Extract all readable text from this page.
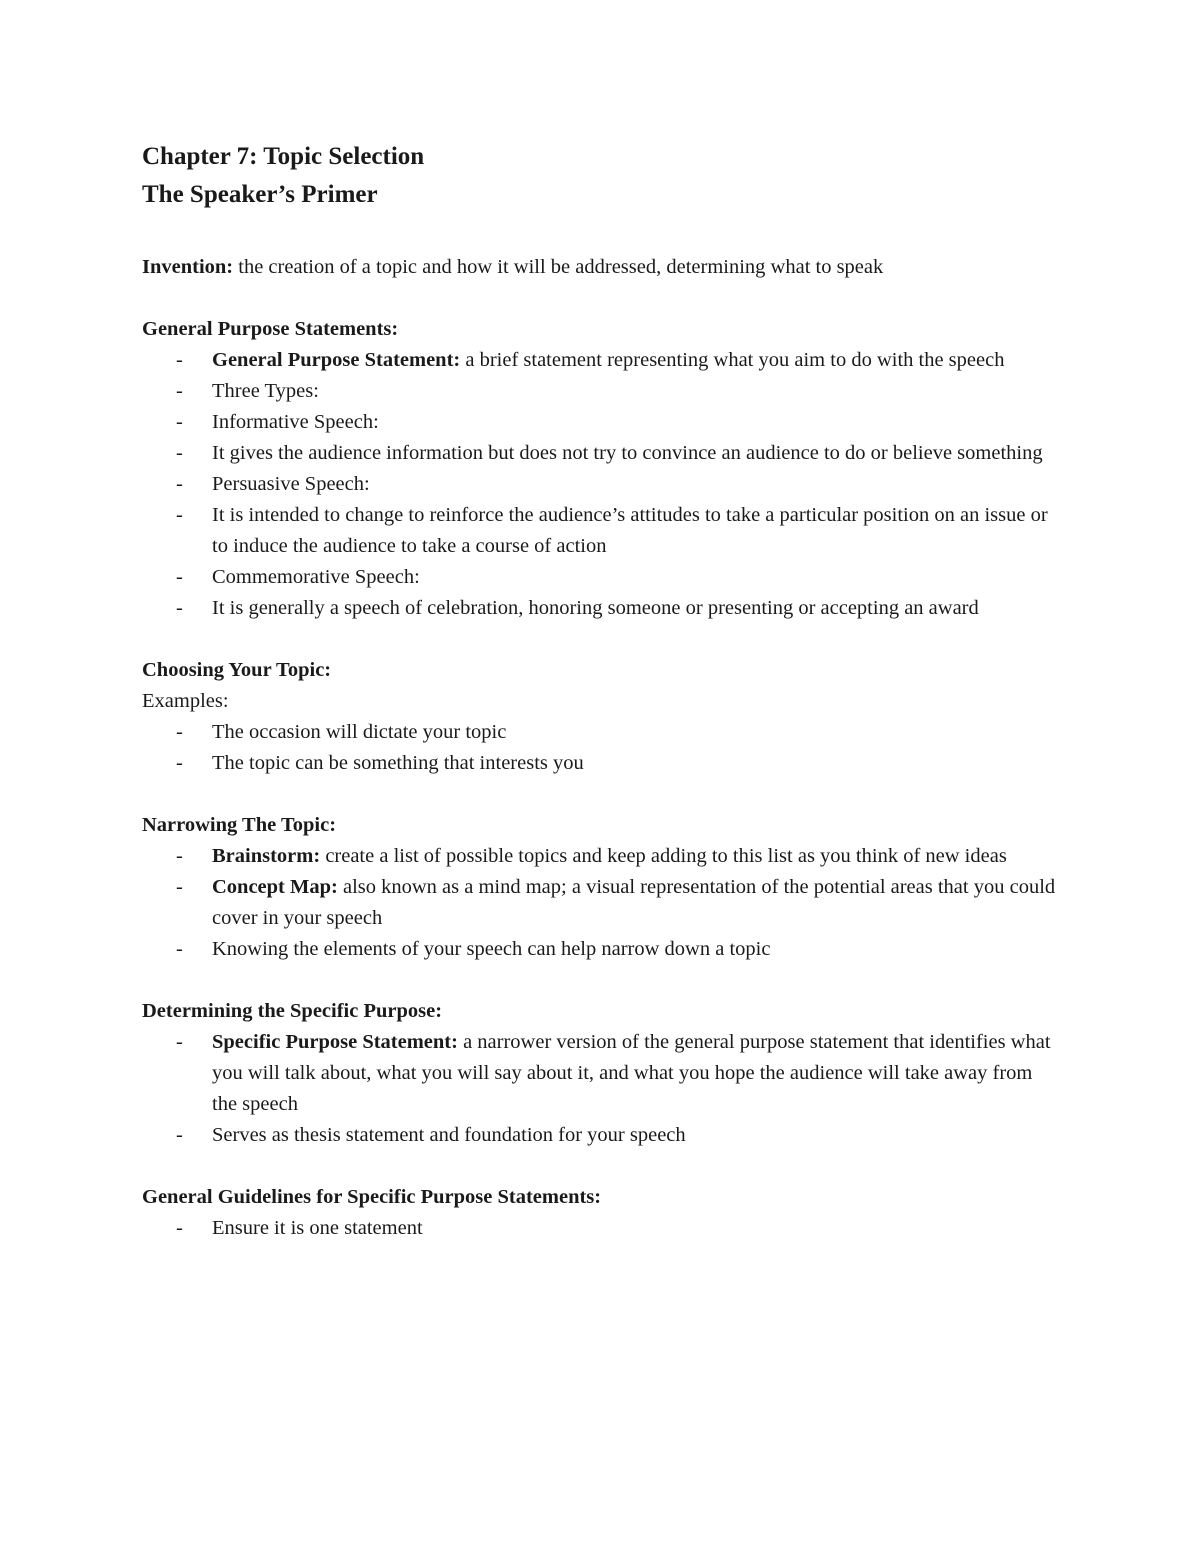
Chapter 7: Topic Selection

The Speaker’s Primer

Invention: the creation of a topic and how it will be addressed, determining what to speak

General Purpose Statements:

- General Purpose Statement: a brief statement representing what you aim to do with the speech
- Three Types:
- Informative Speech:
- It gives the audience information but does not try to convince an audience to do or believe something
- Persuasive Speech:
- It is intended to change to reinforce the audience’s attitudes to take a particular position on an issue or to induce the audience to take a course of action
- Commemorative Speech:
- It is generally a speech of celebration, honoring someone or presenting or accepting an award

Choosing Your Topic:

Examples:

- The occasion will dictate your topic
- The topic can be something that interests you

Narrowing The Topic:

- Brainstorm: create a list of possible topics and keep adding to this list as you think of new ideas
- Concept Map: also known as a mind map; a visual representation of the potential areas that you could cover in your speech
- Knowing the elements of your speech can help narrow down a topic

Determining the Specific Purpose:

- Specific Purpose Statement: a narrower version of the general purpose statement that identifies what you will talk about, what you will say about it, and what you hope the audience will take away from the speech
- Serves as thesis statement and foundation for your speech

General Guidelines for Specific Purpose Statements:

- Ensure it is one statement
